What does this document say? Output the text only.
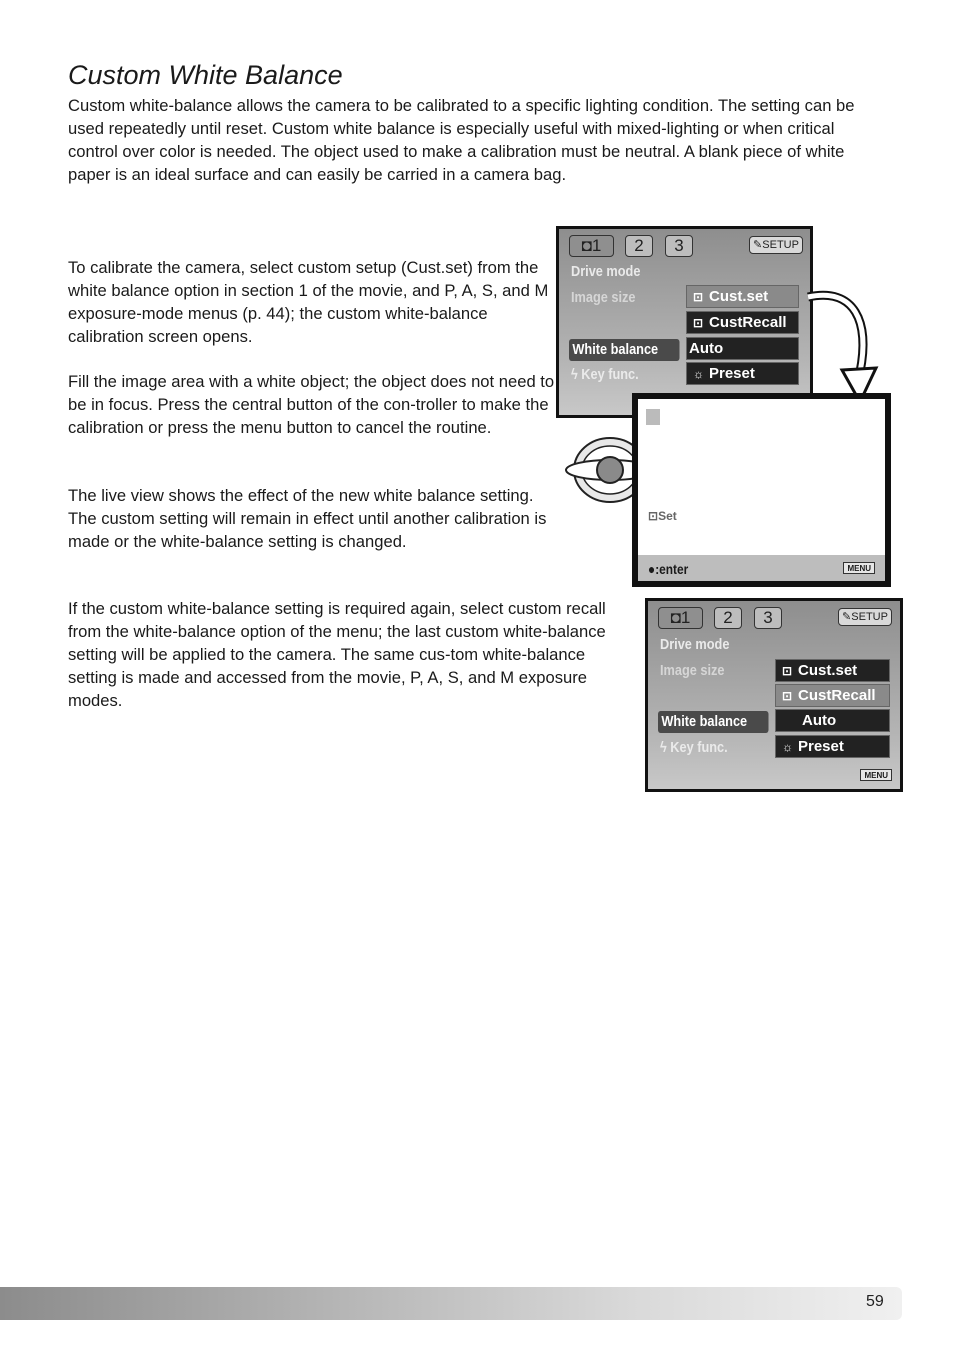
Custom White Balance

Custom white-balance allows the camera to be calibrated to a specific lighting condition. The setting can be used repeatedly until reset. Custom white balance is especially useful with mixed-lighting or when critical control over color is needed. The object used to make a calibration must be neutral. A blank piece of white paper is an ideal surface and can easily be carried in a camera bag.

To calibrate the camera, select custom setup (Cust.set) from the white balance option in section 1 of the movie, and P, A, S, and M exposure-mode menus (p. 44); the custom white-balance calibration screen opens.

Fill the image area with a white object; the object does not need to be in focus. Press the central button of the con-troller to make the calibration or press the menu button to cancel the routine.

The live view shows the effect of the new white balance setting. The custom setting will remain in effect until another calibration is made or the white-balance setting is changed.

If the custom white-balance setting is required again, select custom recall from the white-balance option of the menu; the last custom white-balance setting will be applied to the camera. The same cus-tom white-balance setting is made and accessed from the movie, P, A, S, and M exposure modes.

◘1	2	3	✎SETUP
Drive mode
Image size
White balance
ϟ Key func.
⊡ Cust.set
⊡ CustRecall
Auto
☼ Preset
⊡Set
●:enter	MENU
◘1	2	3	✎SETUP
Drive mode
Image size
White balance
ϟ Key func.
⊡ Cust.set
⊡ CustRecall
Auto
☼ Preset
MENU
59
